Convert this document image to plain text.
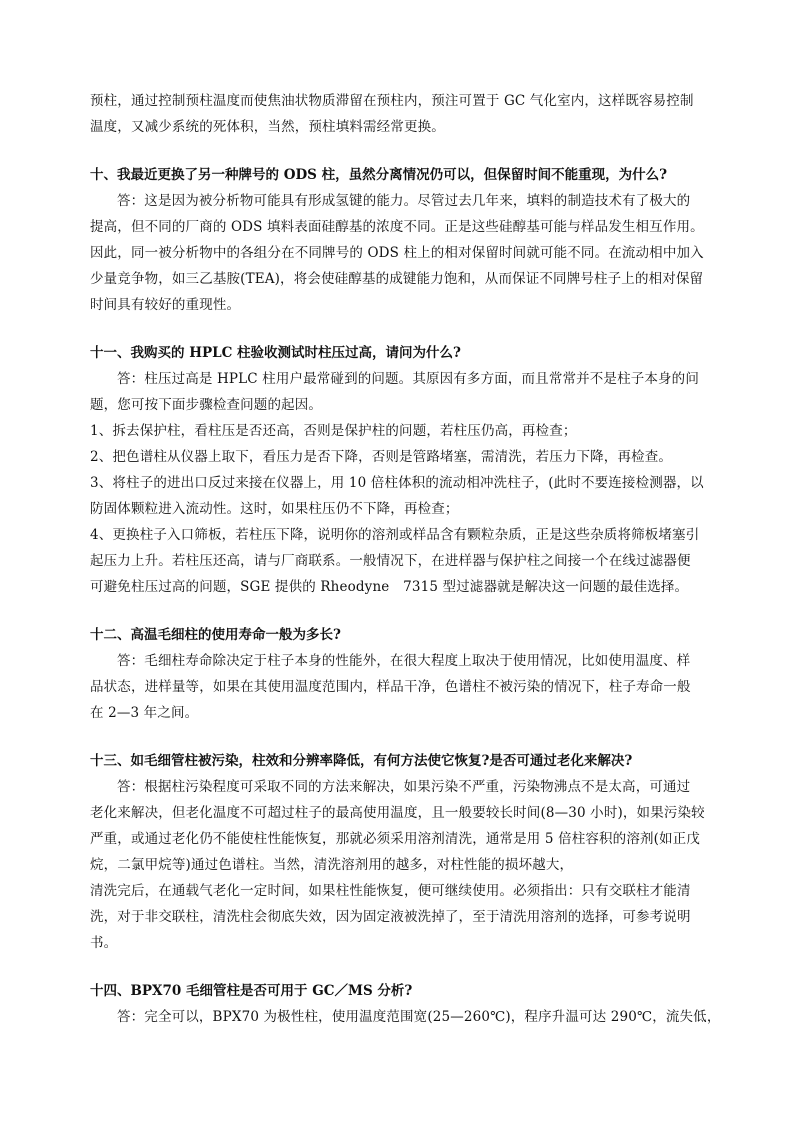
预柱，通过控制预柱温度而使焦油状物质滞留在预柱内，预注可置于 GC 气化室内，这样既容易控制
温度，又减少系统的死体积，当然，预柱填料需经常更换。
十、我最近更换了另一种牌号的 ODS 柱，虽然分离情况仍可以，但保留时间不能重现，为什么?
答：这是因为被分析物可能具有形成氢键的能力。尽管过去几年来，填料的制造技术有了极大的
提高，但不同的厂商的 ODS 填料表面硅醇基的浓度不同。正是这些硅醇基可能与样品发生相互作用。
因此，同一被分析物中的各组分在不同牌号的 ODS 柱上的相对保留时间就可能不同。在流动相中加入
少量竞争物，如三乙基胺(TEA)，将会使硅醇基的成键能力饱和，从而保证不同牌号柱子上的相对保留
时间具有较好的重现性。
十一、我购买的 HPLC 柱验收测试时柱压过高，请问为什么?
答：柱压过高是 HPLC 柱用户最常碰到的问题。其原因有多方面，而且常常并不是柱子本身的问
题，您可按下面步骤检查问题的起因。
1、拆去保护柱，看柱压是否还高，否则是保护柱的问题，若柱压仍高，再检查；
2、把色谱柱从仪器上取下，看压力是否下降，否则是管路堵塞，需清洗，若压力下降，再检查。
3、将柱子的进出口反过来接在仪器上，用 10 倍柱体积的流动相冲洗柱子，(此时不要连接检测器，以
防固体颗粒进入流动性。这时，如果柱压仍不下降，再检查；
4、更换柱子入口筛板，若柱压下降，说明你的溶剂或样品含有颗粒杂质，正是这些杂质将筛板堵塞引
起压力上升。若柱压还高，请与厂商联系。一般情况下，在进样器与保护柱之间接一个在线过滤器便
可避免柱压过高的问题，SGE 提供的 Rheodyne　7315 型过滤器就是解决这一问题的最佳选择。
十二、高温毛细柱的使用寿命一般为多长?
答：毛细柱寿命除决定于柱子本身的性能外，在很大程度上取决于使用情况，比如使用温度、样
品状态，进样量等，如果在其使用温度范围内，样品干净，色谱柱不被污染的情况下，柱子寿命一般
在 2—3 年之间。
十三、如毛细管柱被污染，柱效和分辨率降低，有何方法使它恢复?是否可通过老化来解决?
答：根据柱污染程度可采取不同的方法来解决，如果污染不严重，污染物沸点不是太高，可通过
老化来解决，但老化温度不可超过柱子的最高使用温度，且一般要较长时间(8—30 小时)，如果污染较
严重，或通过老化仍不能使柱性能恢复，那就必须采用溶剂清洗，通常是用 5 倍柱容积的溶剂(如正戊
烷，二氯甲烷等)通过色谱柱。当然，清洗溶剂用的越多，对柱性能的损坏越大，
清洗完后，在通载气老化一定时间，如果柱性能恢复，便可继续使用。必须指出：只有交联柱才能清
洗，对于非交联柱，清洗柱会彻底失效，因为固定液被洗掉了，至于清洗用溶剂的选择，可参考说明
书。
十四、BPX70 毛细管柱是否可用于 GC／MS 分析?
答：完全可以，BPX70 为极性柱，使用温度范围宽(25—260℃)，程序升温可达 290℃，流失低，
